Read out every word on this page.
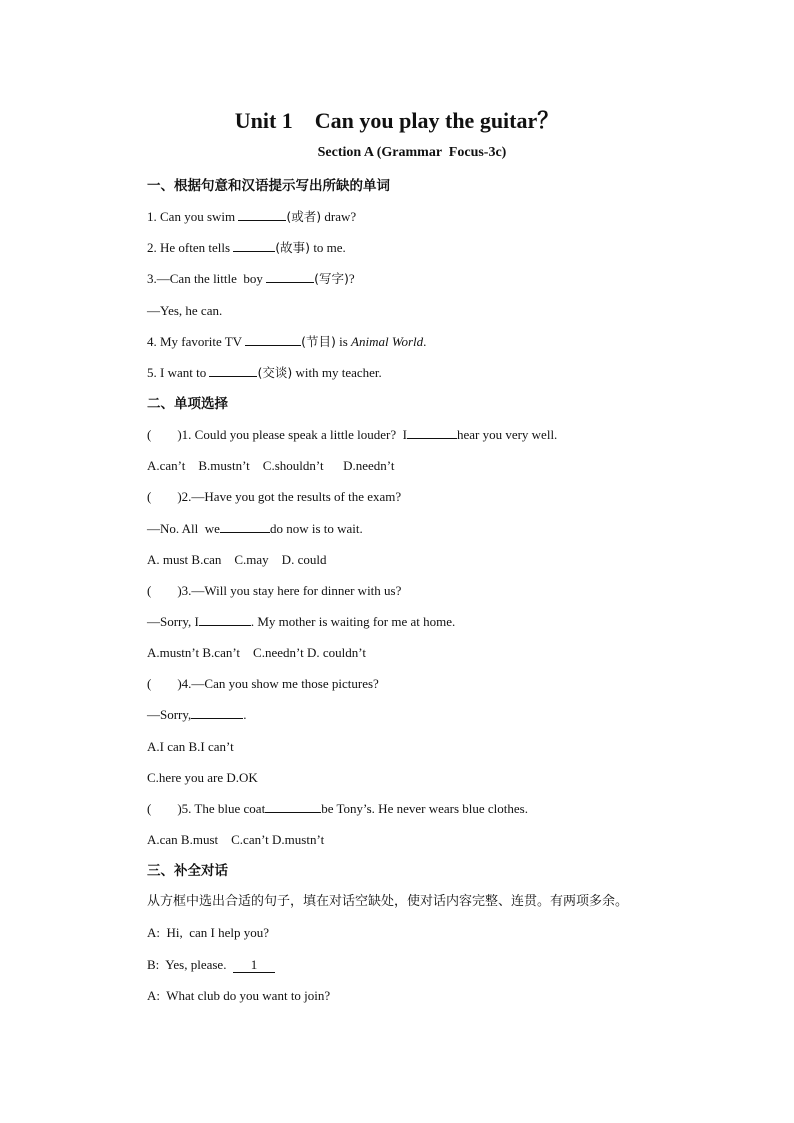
Unit 1    Can you play the guitar？
Section A (Grammar  Focus-3c)
一、根据句意和汉语提示写出所缺的单词
1. Can you swim	(或者) draw?
2. He often tells	(故事) to me.
3.—Can the little  boy	(写字)?
—Yes, he can.
4. My favorite TV	(节目) is Animal World.
5. I want to	(交谈) with my teacher.
二、单项选择
(        )1. Could you please speak a little louder?  I	hear you very well.
A.can’t    B.mustn’t    C.shouldn’t      D.needn’t
(        )2.—Have you got the results of the exam?
—No. All  we	do now is to wait.
A. must B.can    C.may    D. could
(        )3.—Will you stay here for dinner with us?
—Sorry, I	. My mother is waiting for me at home.
A.mustn’t B.can’t    C.needn’t D. couldn’t
(        )4.—Can you show me those pictures?
—Sorry,	.
A.I can B.I can’t
C.here you are D.OK
(        )5. The blue coat	be Tony’s. He never wears blue clothes.
A.can B.must    C.can’t D.mustn’t
三、补全对话
从方框中选出合适的句子，填在对话空缺处，使对话内容完整、连贯。有两项多余。
A:  Hi,  can I help you?
B:  Yes, please.  1
A:  What club do you want to join?
